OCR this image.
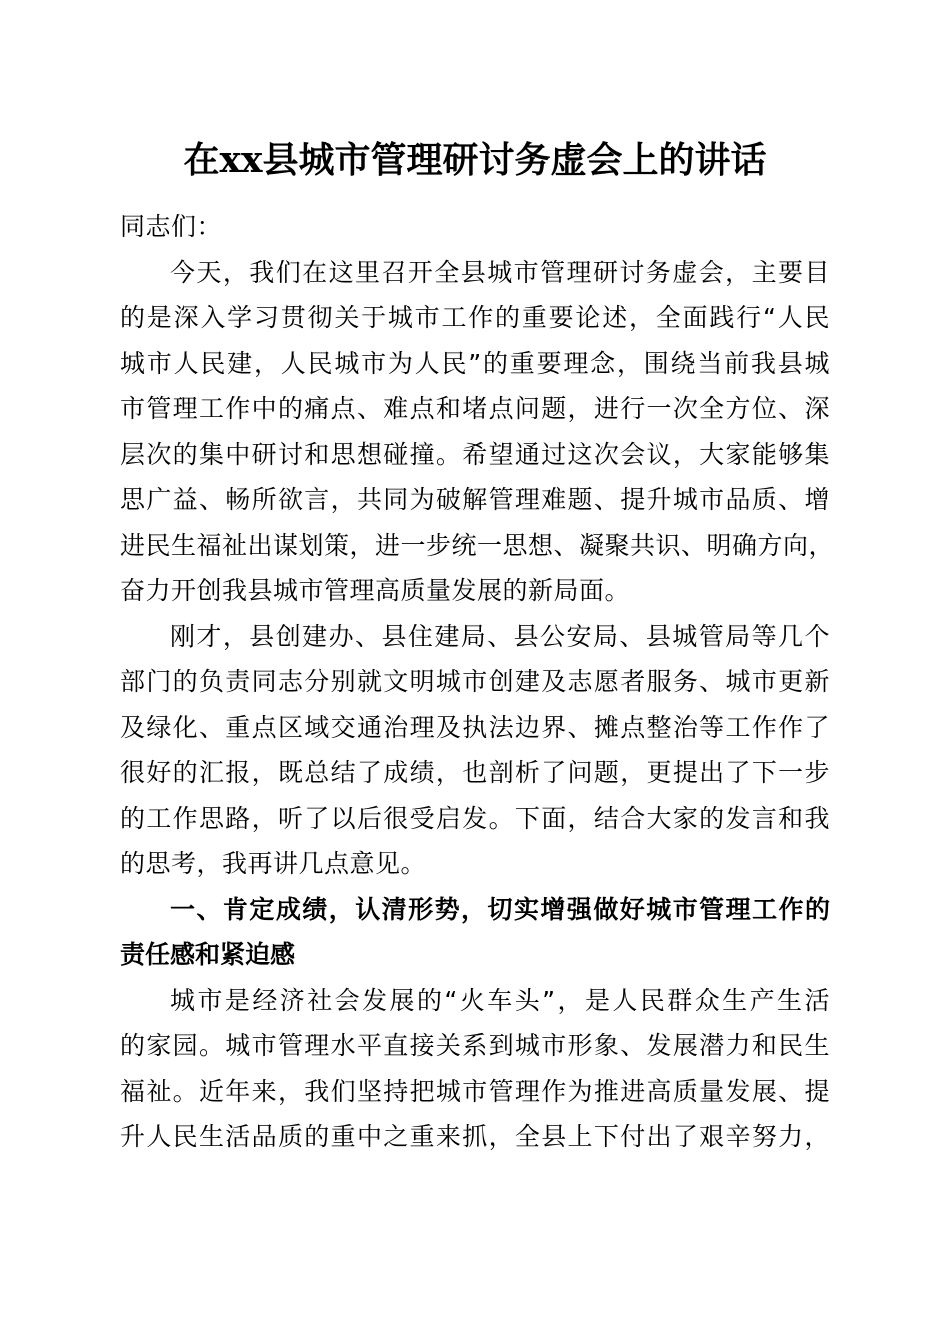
在xx县城市管理研讨务虚会上的讲话
同志们：
今天，我们在这里召开全县城市管理研讨务虚会，主要目
的是深入学习贯彻关于城市工作的重要论述，全面践行“人民
城市人民建，人民城市为人民”的重要理念，围绕当前我县城
市管理工作中的痛点、难点和堵点问题，进行一次全方位、深
层次的集中研讨和思想碰撞。希望通过这次会议，大家能够集
思广益、畅所欲言，共同为破解管理难题、提升城市品质、增
进民生福祉出谋划策，进一步统一思想、凝聚共识、明确方向，
奋力开创我县城市管理高质量发展的新局面。
刚才，县创建办、县住建局、县公安局、县城管局等几个
部门的负责同志分别就文明城市创建及志愿者服务、城市更新
及绿化、重点区域交通治理及执法边界、摊点整治等工作作了
很好的汇报，既总结了成绩，也剖析了问题，更提出了下一步
的工作思路，听了以后很受启发。下面，结合大家的发言和我
的思考，我再讲几点意见。
一、肯定成绩，认清形势，切实增强做好城市管理工作的
责任感和紧迫感
城市是经济社会发展的“火车头”，是人民群众生产生活
的家园。城市管理水平直接关系到城市形象、发展潜力和民生
福祉。近年来，我们坚持把城市管理作为推进高质量发展、提
升人民生活品质的重中之重来抓，全县上下付出了艰辛努力，
